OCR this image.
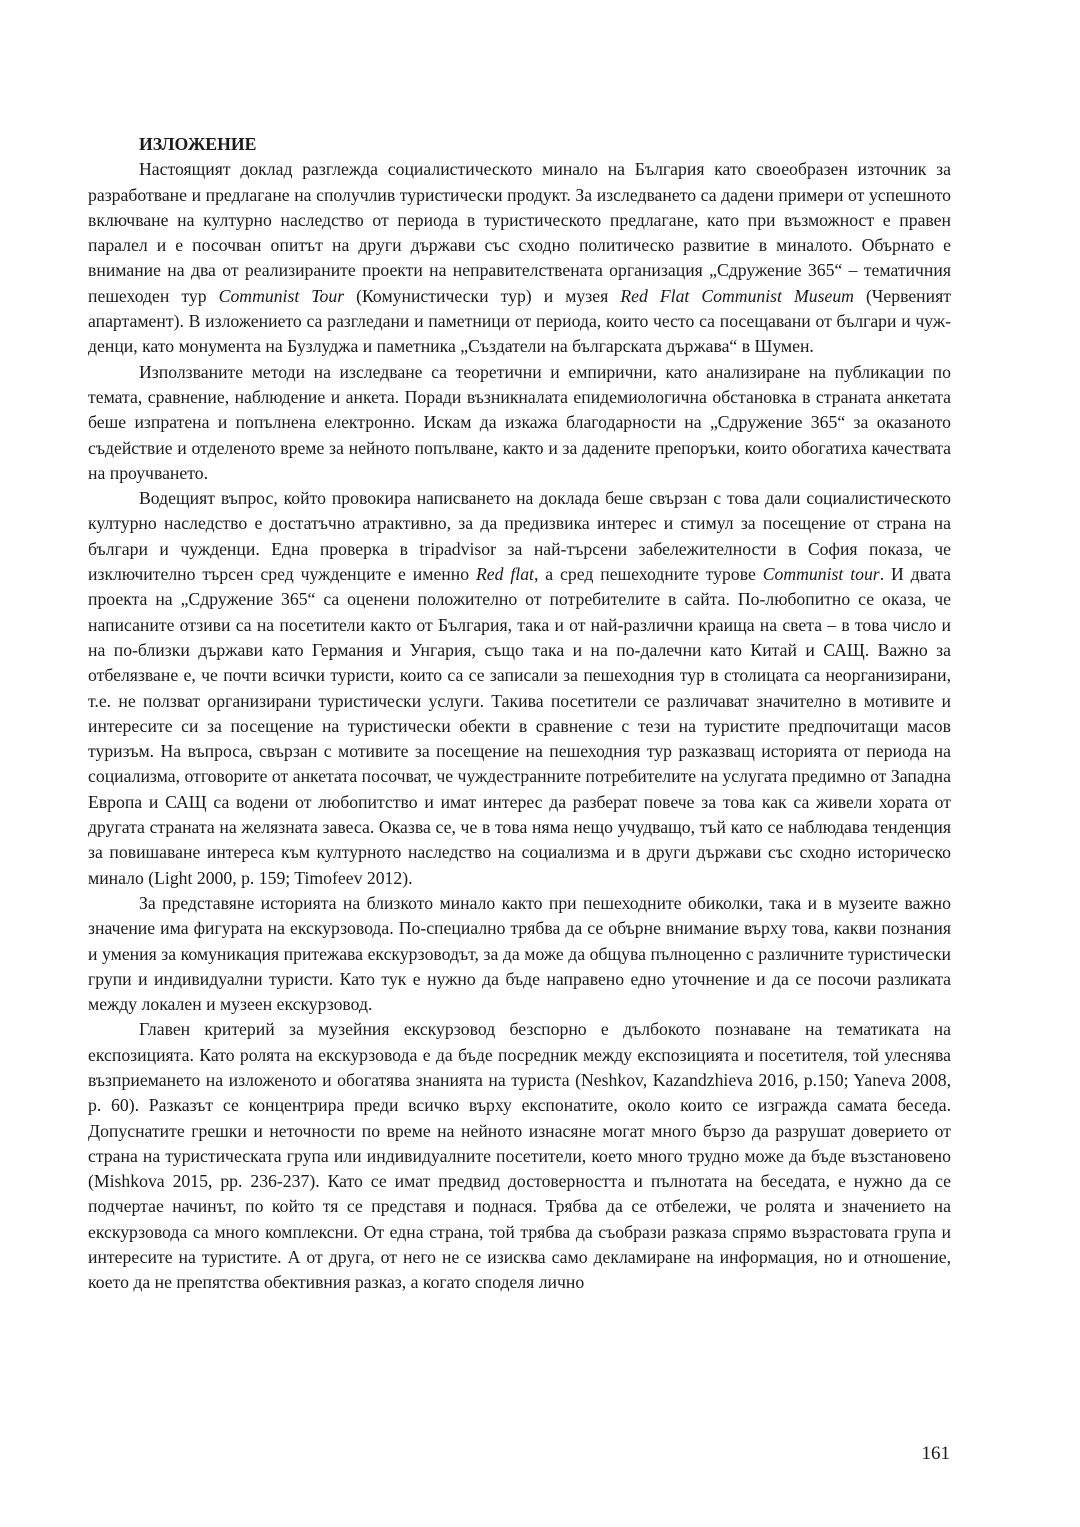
ИЗЛОЖЕНИЕ

Настоящият доклад разглежда социалистическото минало на България като своеобразен източник за разработване и предлагане на сполучлив туристически продукт. За изследването са дадени примери от успешното включване на културно наследство от периода в туристическото предлагане, като при възможност е правен паралел и е посочван опитът на други държави със сходно политическо развитие в миналото. Обърнато е внимание на два от реализираните проекти на неправителствената организация „Сдружение 365“ – тематичния пешеходен тур Communist Tour (Комунистически тур) и музея Red Flat Communist Museum (Червеният апартамент). В изложението са разгледани и паметници от периода, които често са посещавани от българи и чужденци, като монумента на Бузлуджа и паметника „Създатели на българската държава“ в Шумен.

Използваните методи на изследване са теоретични и емпирични, като анализиране на публикации по темата, сравнение, наблюдение и анкета. Поради възникналата епидемиологична обстановка в страната анкетата беше изпратена и попълнена електронно. Искам да изкажа благодарности на „Сдружение 365“ за оказаното съдействие и отделеното време за нейното попълване, както и за дадените препоръки, които обогатиха качествата на проучването.

Водещият въпрос, който провокира написването на доклада беше свързан с това дали социалистическото културно наследство е достатъчно атрактивно, за да предизвика интерес и стимул за посещение от страна на българи и чужденци. Една проверка в tripadvisor за най-търсени забележителности в София показа, че изключително търсен сред чужденците е именно Red flat, а сред пешеходните турове Communist tour. И двата проекта на „Сдружение 365“ са оценени положително от потребителите в сайта. По-любопитно се оказа, че написаните отзиви са на посетители както от България, така и от най-различни краища на света – в това число и на по-близки държави като Германия и Унгария, също така и на по-далечни като Китай и САЩ. Важно за отбелязване е, че почти всички туристи, които са се записали за пешеходния тур в столицата са неорганизирани, т.е. не ползват организирани туристически услуги. Такива посетители се различават значително в мотивите и интересите си за посещение на туристически обекти в сравнение с тези на туристите предпочитащи масов туризъм. На въпроса, свързан с мотивите за посещение на пешеходния тур разказващ историята от периода на социализма, отговорите от анкетата посочват, че чуждестранните потребителите на услугата предимно от Западна Европа и САЩ са водени от любопитство и имат интерес да разберат повече за това как са живели хората от другата страната на желязната завеса. Оказва се, че в това няма нещо учудващо, тъй като се наблюдава тенденция за повишаване интереса към културното наследство на социализма и в други държави със сходно историческо минало (Light 2000, p. 159; Timofeev 2012).

За представяне историята на близкото минало както при пешеходните обиколки, така и в музеите важно значение има фигурата на екскурзовода. По-специално трябва да се обърне внимание върху това, какви познания и умения за комуникация притежава екскурзоводът, за да може да общува пълноценно с различните туристически групи и индивидуални туристи. Като тук е нужно да бъде направено едно уточнение и да се посочи разликата между локален и музеен екскурзовод.

Главен критерий за музейния екскурзовод безспорно е дълбокото познаване на тематиката на експозицията. Като ролята на екскурзовода е да бъде посредник между експозицията и посетителя, той улеснява възприемането на изложеното и обогатява знанията на туриста (Neshkov, Kazandzhieva 2016, p.150; Yaneva 2008, p. 60). Разказът се концентрира преди всичко върху експонатите, около които се изгражда самата беседа. Допуснатите грешки и неточности по време на нейното изнасяне могат много бързо да разрушат доверието от страна на туристическата група или индивидуалните посетители, което много трудно може да бъде възстановено (Mishkova 2015, pp. 236-237). Като се имат предвид достоверността и пълнотата на беседата, е нужно да се подчертае начинът, по който тя се представя и поднася. Трябва да се отбележи, че ролята и значението на екскурзовода са много комплексни. От една страна, той трябва да съобрази разказа спрямо възрастовата група и интересите на туристите. А от друга, от него не се изисква само декламиране на информация, но и отношение, което да не препятства обективния разказ, а когато споделя лично

161
